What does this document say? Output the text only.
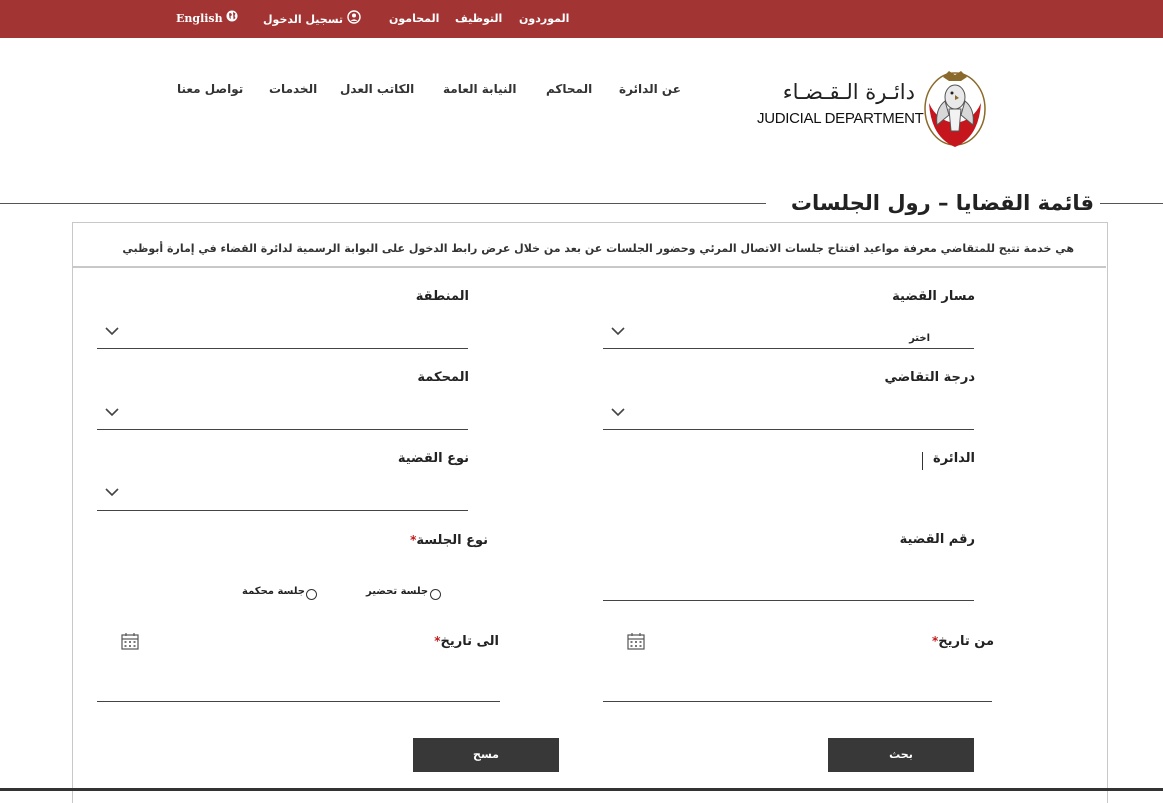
English	تسجيل الدخول	المحامون التوظيف الموردون
تواصل معنا الخدمات الكاتب العدل النيابة العامة المحاكم عن الدائرة	دائـرة الـقـضـاء
JUDICIAL DEPARTMENT
قائمة القضايا – رول الجلسات
هي خدمة تتيح للمتقاضي معرفة مواعيد افتتاح جلسات الاتصال المرئي وحضور الجلسات عن بعد من خلال عرض رابط الدخول على البوابة الرسمية لدائرة القضاء في إمارة أبوظبي
مسار القضية
اختر
المنطقة
درجة التقاضي
المحكمة
الدائرة
نوع القضية
رقم القضية
نوع الجلسة*
جلسة تحضير
جلسة محكمة
من تاريخ*
الى تاريخ*
بحث
مسح
